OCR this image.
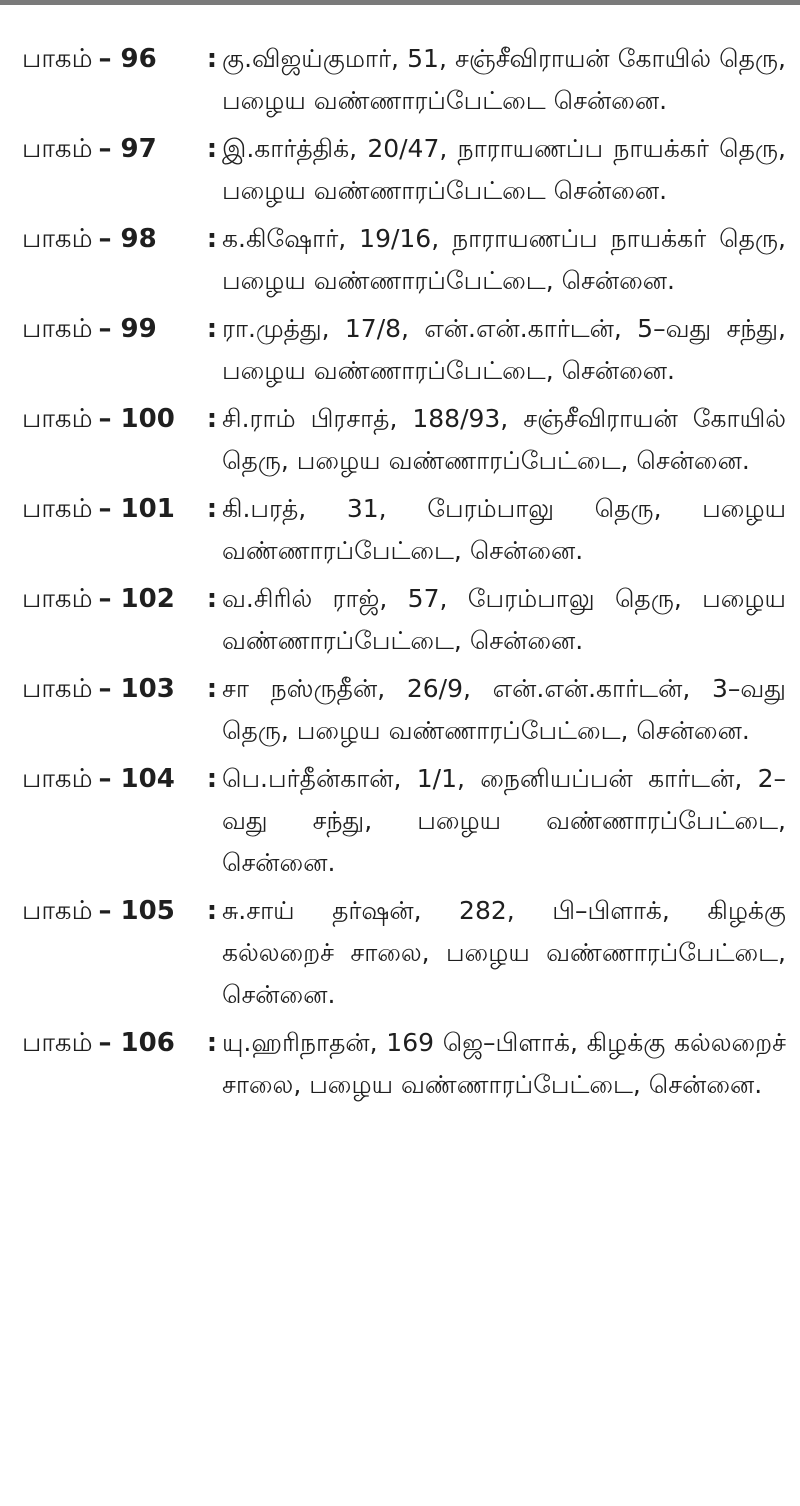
பாகம் – 96	: கு.விஜய்குமார், 51, சஞ்சீவிராயன் கோயில் தெரு, பழைய வண்ணாரப்பேட்டை சென்னை.
பாகம் – 97	: இ.கார்த்திக், 20/47, நாராயணப்ப நாயக்கர் தெரு, பழைய வண்ணாரப்பேட்டை சென்னை.
பாகம் – 98	: க.கிஷோர், 19/16, நாராயணப்ப நாயக்கர் தெரு, பழைய வண்ணாரப்பேட்டை, சென்னை.
பாகம் – 99	: ரா.முத்து, 17/8, என்.என்.கார்டன், 5–வது சந்து, பழைய வண்ணாரப்பேட்டை, சென்னை.
பாகம் – 100	: சி.ராம் பிரசாத், 188/93, சஞ்சீவிராயன் கோயில் தெரு, பழைய வண்ணாரப்பேட்டை, சென்னை.
பாகம் – 101	: கி.பரத், 31, பேரம்பாலு தெரு, பழைய வண்ணாரப்பேட்டை, சென்னை.
பாகம் – 102	: வ.சிரில் ராஜ், 57, பேரம்பாலு தெரு, பழைய வண்ணாரப்பேட்டை, சென்னை.
பாகம் – 103	: சா நஸ்ருதீன், 26/9, என்.என்.கார்டன், 3–வது தெரு, பழைய வண்ணாரப்பேட்டை, சென்னை.
பாகம் – 104	: பெ.பர்தீன்கான், 1/1, நைனியப்பன் கார்டன், 2–வது சந்து, பழைய வண்ணாரப்பேட்டை, சென்னை.
பாகம் – 105	: சு.சாய் தர்ஷன், 282, பி–பிளாக், கிழக்கு கல்லறைச் சாலை, பழைய வண்ணாரப்பேட்டை, சென்னை.
பாகம் – 106	: யு.ஹரிநாதன், 169 ஜெ–பிளாக், கிழக்கு கல்லறைச் சாலை, பழைய வண்ணாரப்பேட்டை, சென்னை.
